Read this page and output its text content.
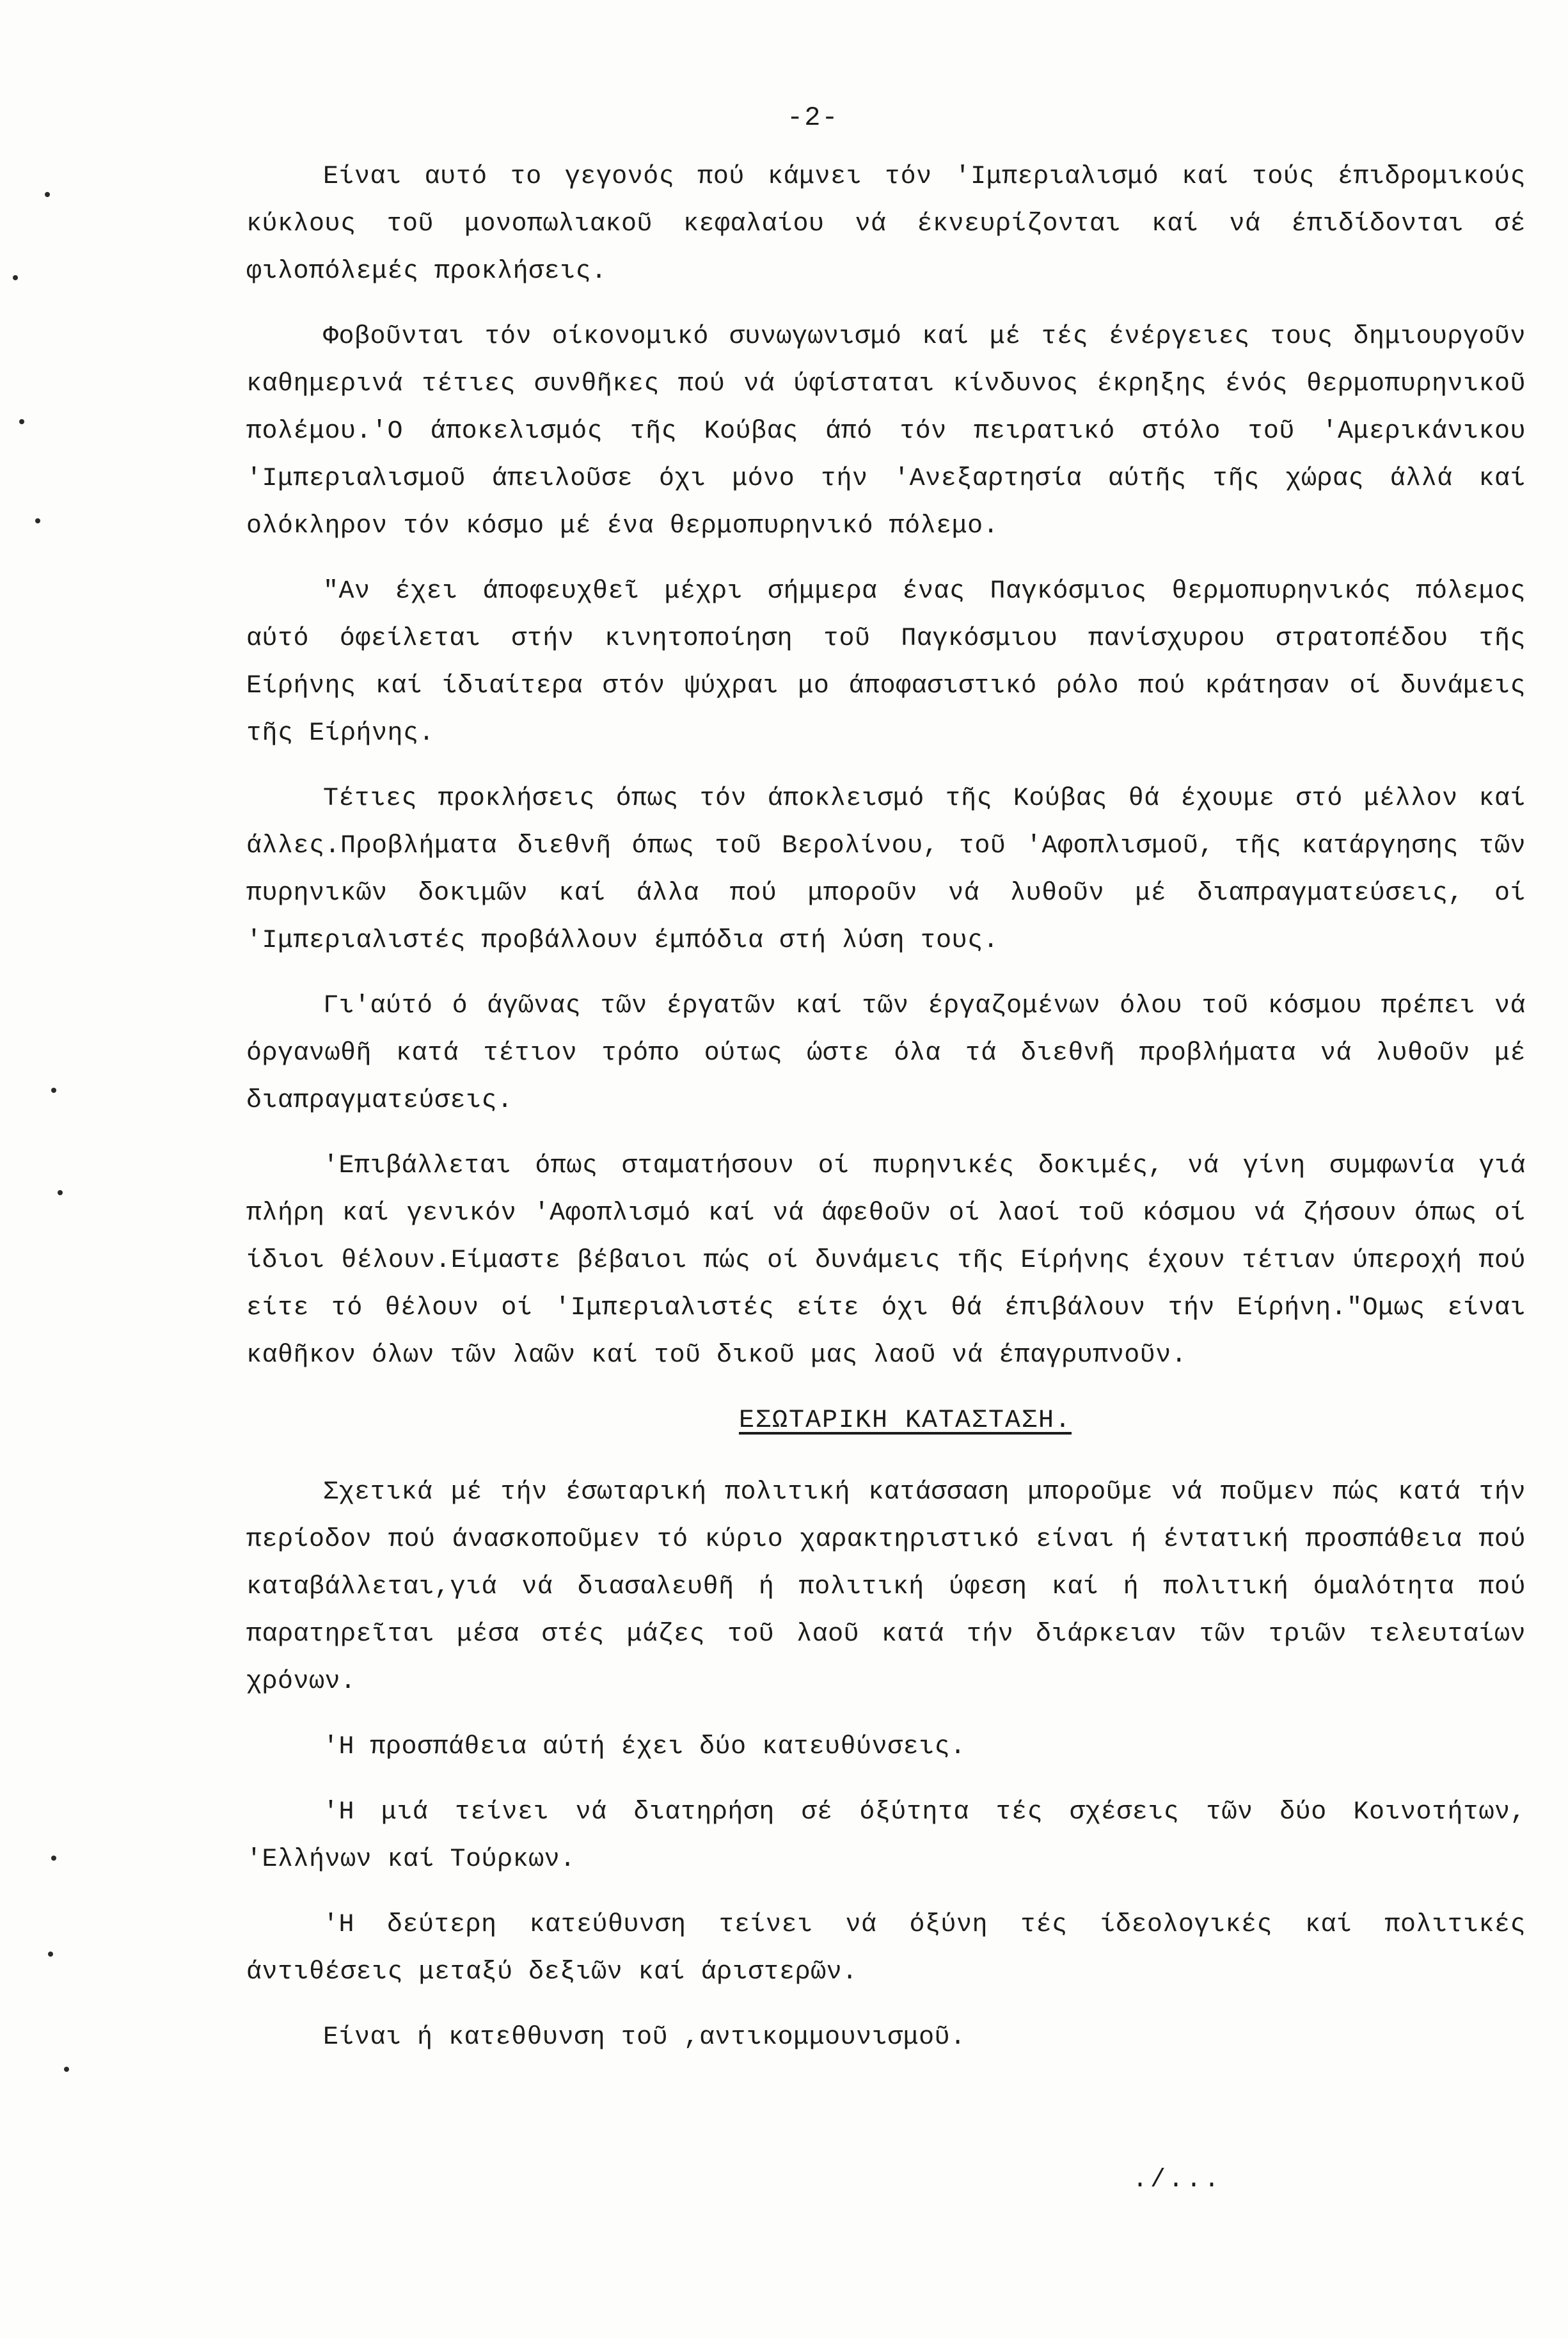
-2-

Είναι αυτό το γεγονός πού κάμνει τόν 'Ιμπεριαλισμό καί τούς έπιδρομικούς κύκλους τοῦ μονοπωλιακοῦ κεφαλαίου νά έκνευρίζονται καί νά έπιδίδονται σέ φιλοπόλεμές προκλήσεις.

Φοβοῦνται τόν οίκονομικό συνωγωνισμό καί μέ τές ένέργειες τους δημιουργοῦν καθημερινά τέτιες συνθῆκες πού νά ύφίσταται κίνδυνος έκρηξης ένός θερμοπυρηνικοῦ πολέμου.'Ο άποκελισμός τῆς Κούβας άπό τόν πειρατικό στόλο τοῦ 'Αμερικάνικου 'Ιμπεριαλισμοῦ άπειλοῦσε όχι μόνο τήν 'Ανεξαρτησία αύτῆς τῆς χώρας άλλά καί ολόκληρον τόν κόσμο μέ ένα θερμοπυρηνικό πόλεμο.

"Αν έχει άποφευχθεῖ μέχρι σήμμερα ένας Παγκόσμιος θερμοπυρηνικός πόλεμος αύτό όφείλεται στήν κινητοποίηση τοῦ Παγκόσμιου πανίσχυρου στρατοπέδου τῆς Είρήνης καί ίδιαίτερα στόν ψύχραι μο άποφασιστικό ρόλο πού κράτησαν οί δυνάμεις τῆς Είρήνης.

Τέτιες προκλήσεις όπως τόν άποκλεισμό τῆς Κούβας θά έχουμε στό μέλλον καί άλλες.Προβλήματα διεθνῆ όπως τοῦ Βερολίνου, τοῦ 'Αφοπλισμοῦ, τῆς κατάργησης τῶν πυρηνικῶν δοκιμῶν καί άλλα πού μποροῦν νά λυθοῦν μέ διαπραγματεύσεις, οί 'Ιμπεριαλιστές προβάλλουν έμπόδια στή λύση τους.

Γι'αύτό ό άγῶνας τῶν έργατῶν καί τῶν έργαζομένων όλου τοῦ κόσμου πρέπει νά όργανωθῆ κατά τέτιον τρόπο ούτως ώστε όλα τά διεθνῆ προβλήματα νά λυθοῦν μέ διαπραγματεύσεις.

'Επιβάλλεται όπως σταματήσουν οί πυρηνικές δοκιμές, νά γίνη συμφωνία γιά πλήρη καί γενικόν 'Αφοπλισμό καί νά άφεθοῦν οί λαοί τοῦ κόσμου νά ζήσουν όπως οί ίδιοι θέλουν.Είμαστε βέβαιοι πώς οί δυνάμεις τῆς Είρήνης έχουν τέτιαν ύπεροχή πού είτε τό θέλουν οί 'Ιμπεριαλιστές είτε όχι θά έπιβάλουν τήν Είρήνη."Ομως είναι καθῆκον όλων τῶν λαῶν καί τοῦ δικοῦ μας λαοῦ νά έπαγρυπνοῦν.

ΕΣΩΤΑΡΙΚΗ ΚΑΤΑΣΤΑΣΗ.

Σχετικά μέ τήν έσωταρική πολιτική κατάσσαση μποροῦμε νά ποῦμεν πώς κατά τήν περίοδον πού άνασκοποῦμεν τό κύριο χαρακτηριστικό είναι ή έντατική προσπάθεια πού καταβάλλεται,γιά νά διασαλευθῆ ή πολιτική ύφεση καί ή πολιτική όμαλότητα πού παρατηρεῖται μέσα στές μάζες τοῦ λαοῦ κατά τήν διάρκειαν τῶν τριῶν τελευταίων χρόνων.

'Η προσπάθεια αύτή έχει δύο κατευθύνσεις.

'Η μιά τείνει νά διατηρήση σέ όξύτητα τές σχέσεις τῶν δύο Κοινοτήτων, 'Ελλήνων καί Τούρκων.

'Η δεύτερη κατεύθυνση τείνει νά όξύνη τές ίδεολογικές καί πολιτικές άντιθέσεις μεταξύ δεξιῶν καί άριστερῶν.

Είναι ή κατεθθυνση τοῦ ,αντικομμουνισμοῦ.

./...
